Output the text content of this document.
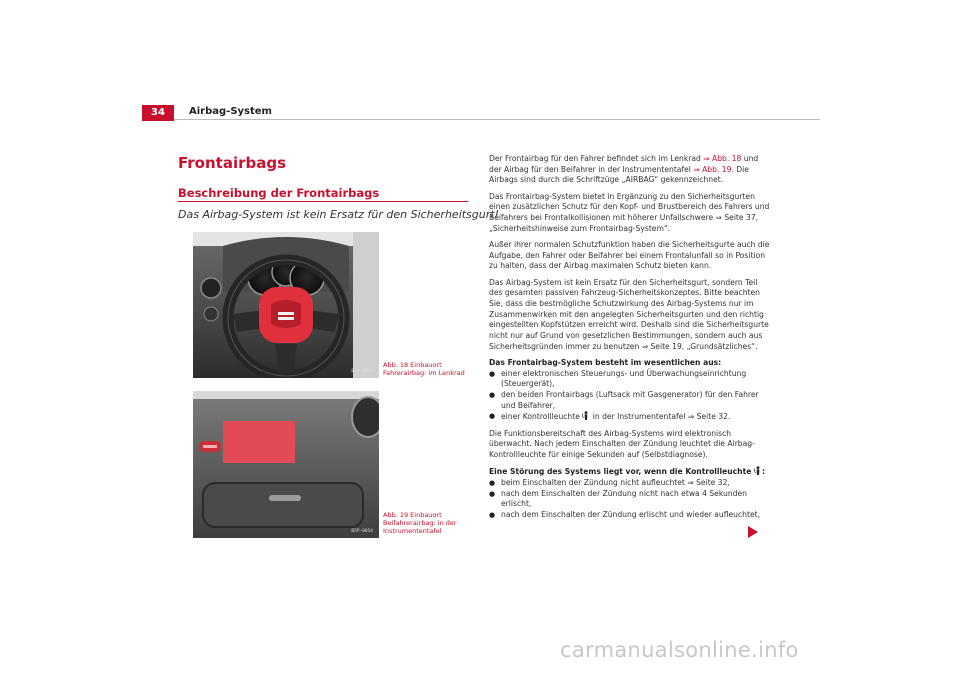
34	Airbag-System
Frontairbags
Beschreibung der Frontairbags
Das Airbag-System ist kein Ersatz für den Sicherheitsgurt!
B5P-0053
Abb. 18 Einbauort
Fahrerairbag: im Lenkrad
B5P-0054
Abb. 19 Einbauort
Beifahrerairbag: in der
Instrumententafel

Der Frontairbag für den Fahrer befindet sich im Lenkrad ⇒ Abb. 18 und der Airbag für den Beifahrer in der Instrumententafel ⇒ Abb. 19. Die Airbags sind durch die Schriftzüge „AIRBAG“ gekennzeichnet.

Das Frontairbag-System bietet in Ergänzung zu den Sicherheitsgurten einen zusätzlichen Schutz für den Kopf- und Brustbereich des Fahrers und Beifahrers bei Frontalkollisionen mit höherer Unfallschwere ⇒ Seite 37, „Sicherheitshinweise zum Frontairbag-System“.

Außer ihrer normalen Schutzfunktion haben die Sicherheitsgurte auch die Aufgabe, den Fahrer oder Beifahrer bei einem Frontalunfall so in Position zu halten, dass der Airbag maximalen Schutz bieten kann.

Das Airbag-System ist kein Ersatz für den Sicherheitsgurt, sondern Teil des gesamten passiven Fahrzeug-Sicherheitskonzeptes. Bitte beachten Sie, dass die bestmögliche Schutzwirkung des Airbag-Systems nur im Zusammenwirken mit den angelegten Sicherheitsgurten und den richtig eingestellten Kopfstützen erreicht wird. Deshalb sind die Sicherheitsgurte nicht nur auf Grund von gesetzlichen Bestimmungen, sondern auch aus Sicherheitsgründen immer zu benutzen ⇒ Seite 19, „Grundsätzliches“.

Das Frontairbag-System besteht im wesentlichen aus:

● einer elektronischen Steuerungs- und Überwachungseinrichtung (Steuergerät),
● den beiden Frontairbags (Luftsack mit Gasgenerator) für den Fahrer und Beifahrer,
● einer Kontrollleuchte  in der Instrumententafel ⇒ Seite 32.

Die Funktionsbereitschaft des Airbag-Systems wird elektronisch überwacht. Nach jedem Einschalten der Zündung leuchtet die Airbag-Kontrollleuchte für einige Sekunden auf (Selbstdiagnose).

Eine Störung des Systems liegt vor, wenn die Kontrollleuchte :

● beim Einschalten der Zündung nicht aufleuchtet ⇒ Seite 32,
● nach dem Einschalten der Zündung nicht nach etwa 4 Sekunden erlischt,
● nach dem Einschalten der Zündung erlischt und wieder aufleuchtet,
carmanualsonline.info
